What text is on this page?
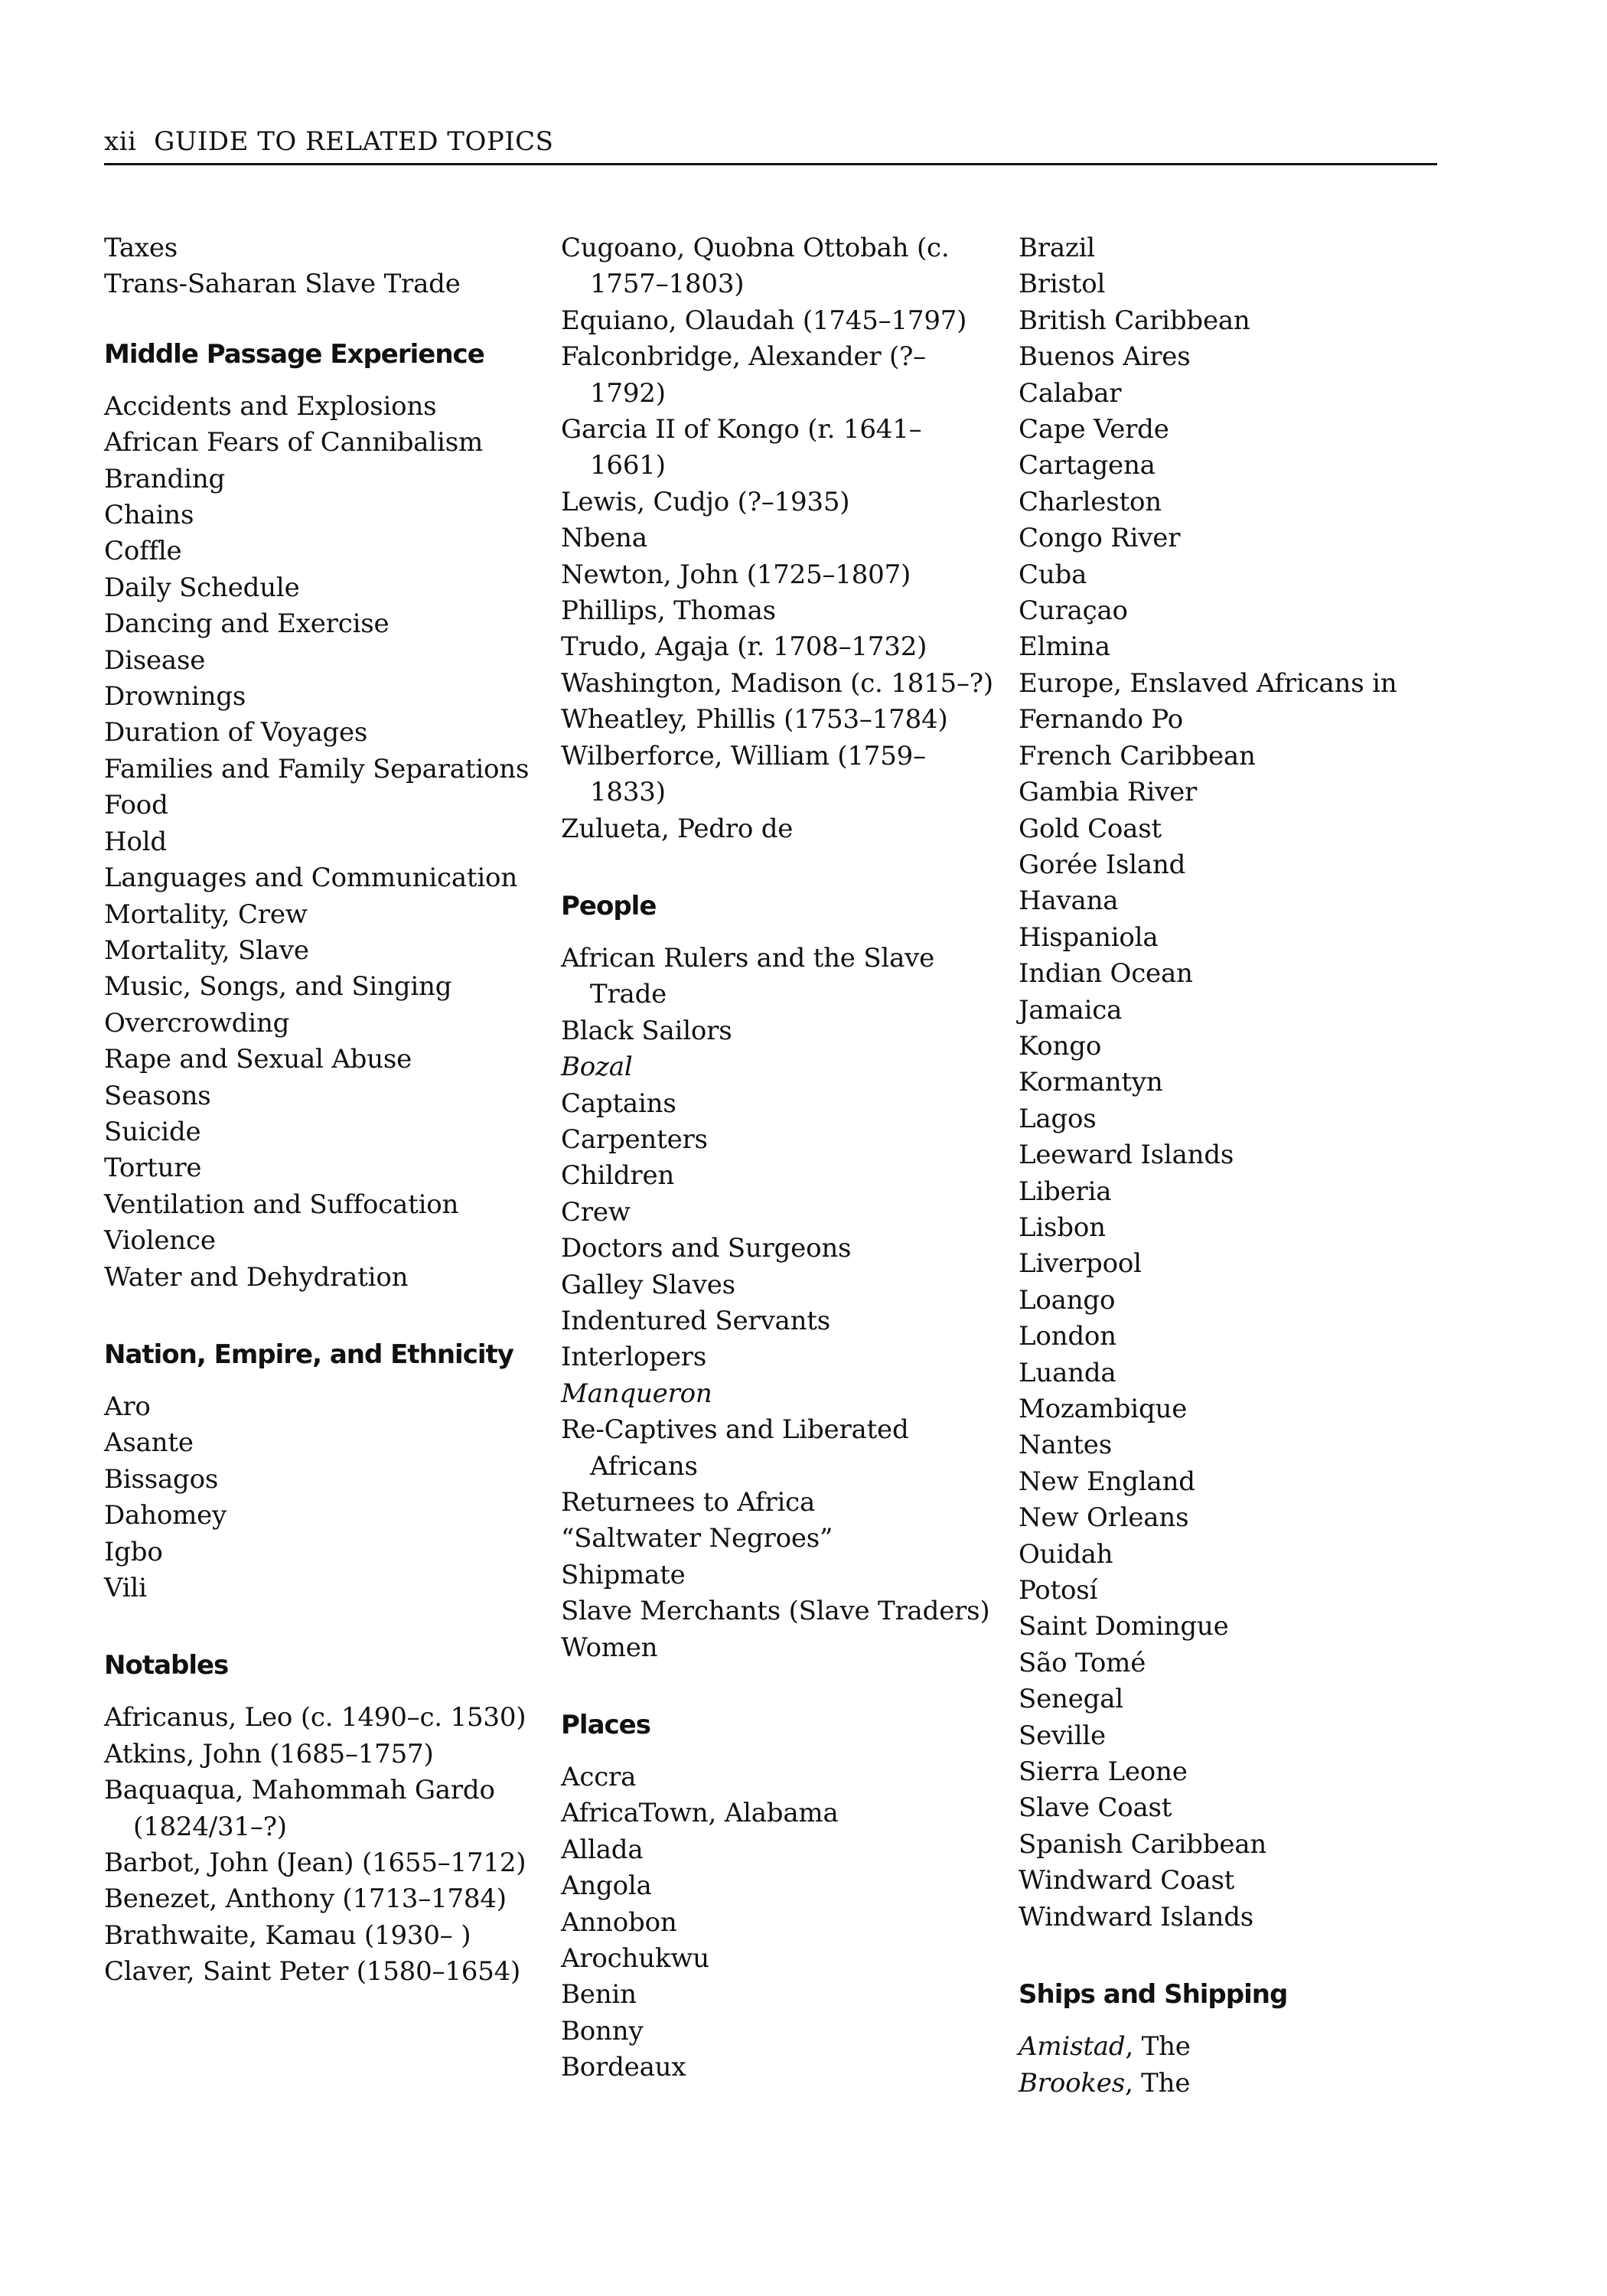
xii GUIDE TO RELATED TOPICS
Taxes
Trans-Saharan Slave Trade
Middle Passage Experience
Accidents and Explosions
African Fears of Cannibalism
Branding
Chains
Coffle
Daily Schedule
Dancing and Exercise
Disease
Drownings
Duration of Voyages
Families and Family Separations
Food
Hold
Languages and Communication
Mortality, Crew
Mortality, Slave
Music, Songs, and Singing
Overcrowding
Rape and Sexual Abuse
Seasons
Suicide
Torture
Ventilation and Suffocation
Violence
Water and Dehydration
Nation, Empire, and Ethnicity
Aro
Asante
Bissagos
Dahomey
Igbo
Vili
Notables
Africanus, Leo (c. 1490–c. 1530)
Atkins, John (1685–1757)
Baquaqua, Mahommah Gardo (1824/31–?)
Barbot, John (Jean) (1655–1712)
Benezet, Anthony (1713–1784)
Brathwaite, Kamau (1930– )
Claver, Saint Peter (1580–1654)
Cugoano, Quobna Ottobah (c. 1757–1803)
Equiano, Olaudah (1745–1797)
Falconbridge, Alexander (?–1792)
Garcia II of Kongo (r. 1641–1661)
Lewis, Cudjo (?–1935)
Nbena
Newton, John (1725–1807)
Phillips, Thomas
Trudo, Agaja (r. 1708–1732)
Washington, Madison (c. 1815–?)
Wheatley, Phillis (1753–1784)
Wilberforce, William (1759–1833)
Zulueta, Pedro de
People
African Rulers and the Slave Trade
Black Sailors
Bozal
Captains
Carpenters
Children
Crew
Doctors and Surgeons
Galley Slaves
Indentured Servants
Interlopers
Manqueron
Re-Captives and Liberated Africans
Returnees to Africa
“Saltwater Negroes”
Shipmate
Slave Merchants (Slave Traders)
Women
Places
Accra
AfricaTown, Alabama
Allada
Angola
Annobon
Arochukwu
Benin
Bonny
Bordeaux
Brazil
Bristol
British Caribbean
Buenos Aires
Calabar
Cape Verde
Cartagena
Charleston
Congo River
Cuba
Curaçao
Elmina
Europe, Enslaved Africans in
Fernando Po
French Caribbean
Gambia River
Gold Coast
Gorée Island
Havana
Hispaniola
Indian Ocean
Jamaica
Kongo
Kormantyn
Lagos
Leeward Islands
Liberia
Lisbon
Liverpool
Loango
London
Luanda
Mozambique
Nantes
New England
New Orleans
Ouidah
Potosí
Saint Domingue
São Tomé
Senegal
Seville
Sierra Leone
Slave Coast
Spanish Caribbean
Windward Coast
Windward Islands
Ships and Shipping
Amistad, The
Brookes, The
